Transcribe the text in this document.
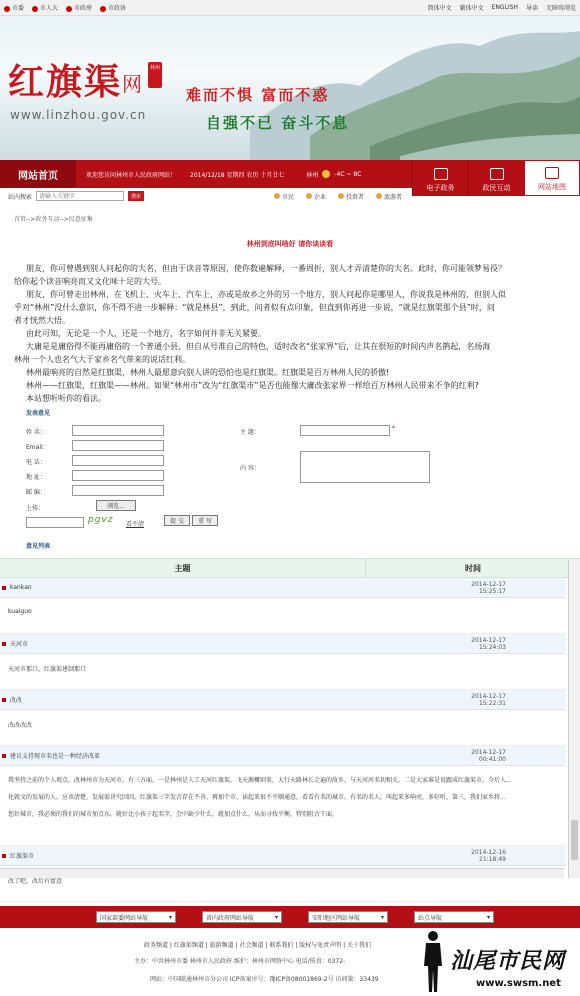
市委	市人大	市政府	市政协	简体中文 繁体中文 ENGLISH 导读 无障碍浏览
红旗渠 网
林州
www.linzhou.gov.cn
难而不惧 富而不惑
自强不已 奋斗不息
网站首页	欢迎您访问林州市人民政府网站！ 2014/12/18 星期四 农历 十月廿七	林州	-4C ~ 8C
电子政务	政民互动	网站地图
站内搜索
请输入关键字	搜索	市民	企业	投资者	旅游者
首页-->政务互动-->民意征集
林州到底叫啥好 请你谈谈看

朋友，你可曾遇到别人问起你的大名，但由于读音等原因，使你数遍解释，一番周折，别人才弄清楚你的大名。此时，你可能领梦易役？

给你起个读音响亮而又文化味十足的大号。

朋友，你可曾走出林州，在飞机上、火车上、汽车上，亦或是故乡之外的另一个地方，别人问起你是哪里人，你说我是林州的，但别人似

乎对“林州”没什么意识，你不得不进一步解释：“就是林县”，到此，问者似有点印象，但直到你再进一步说，“就是红旗渠那个县”时，问

者才恍然大悟。

由此可知，无论是一个人，还是一个地方，名字如何并非无关紧要。

大庸是是庸俗得不能再庸俗的一个普通小县，但自从号准自己的特色，适时改名“张家界”后，让其在很短的时间内声名鹊起，名扬海

林州一个人也名气大于家乡名气带来的说话红利。

林州最响亮的自然是红旗渠，林州人最愿意向别人讲的恐怕也是红旗渠。红旗渠是百万林州人民的骄傲!

林州——红旗渠，红旗渠——林州。如果“林州市”改为“红旗渠市”是否也能像大庸改张家界一样给百万林州人民带来不争的红利?

本站想听听你的看法。

发表意见
姓 名：
Email：
电 话：
地 址：
邮 编：
上传：	浏览...
pgvz 看不清	提 交	重 写
主 题：
*
内 容：
意见列表
主题	时间
kankan	2014-12-17 15:25:17
kuaiguo
天河市
2014-12-17 15:24:03
天河市那口，红旗渠建制那口
改改
2014-12-17 15:22:31
改改改改
建议支持现市名也是一种经济改革
2014-12-17 00:41:00
我坚持之前的个人观点，改林州市为天河市，有三方面，一是林州是人工天河红旗渠，飞天源概则来，大行天路林长走遍的故乡，与天河河名切相关，二是大家准是说跟成红旗渠市，今后人...
化就文的发展的人，应该清楚，发展需讲究因因，红旗渠三字发音存在不善，再加个市，读起来很不平顺通意，看看有名的城市，有名的名人，叫起来多响亮，多好听，第三，我们家乡将...
您好城市，我必须的我们的城市加点东，就好比小孩子起名字，会中缺少什么，就加点什么，从而寻找平衡，特别阻古干面，
红旗渠市
2014-12-16 21:18:49
改了吧，改后有富意
国家部委网站导航	▾	省内政府网站导航	▾	安阳地区网站导航	▾	站点导航	▾
政务频道 | 红旗渠频道 | 旅游频道 | 社会频道 | 联系我们 | 版权与免责声明 | 关于我们
主办：中共林州市委 林州市人民政府 维护：林州市网络中心 电话/传真：0372-
网站：中国联通林州市分公司 ICP备案序号：豫ICP备08001869-2号 访问量：33439
汕尾市民网
www.swsm.net
